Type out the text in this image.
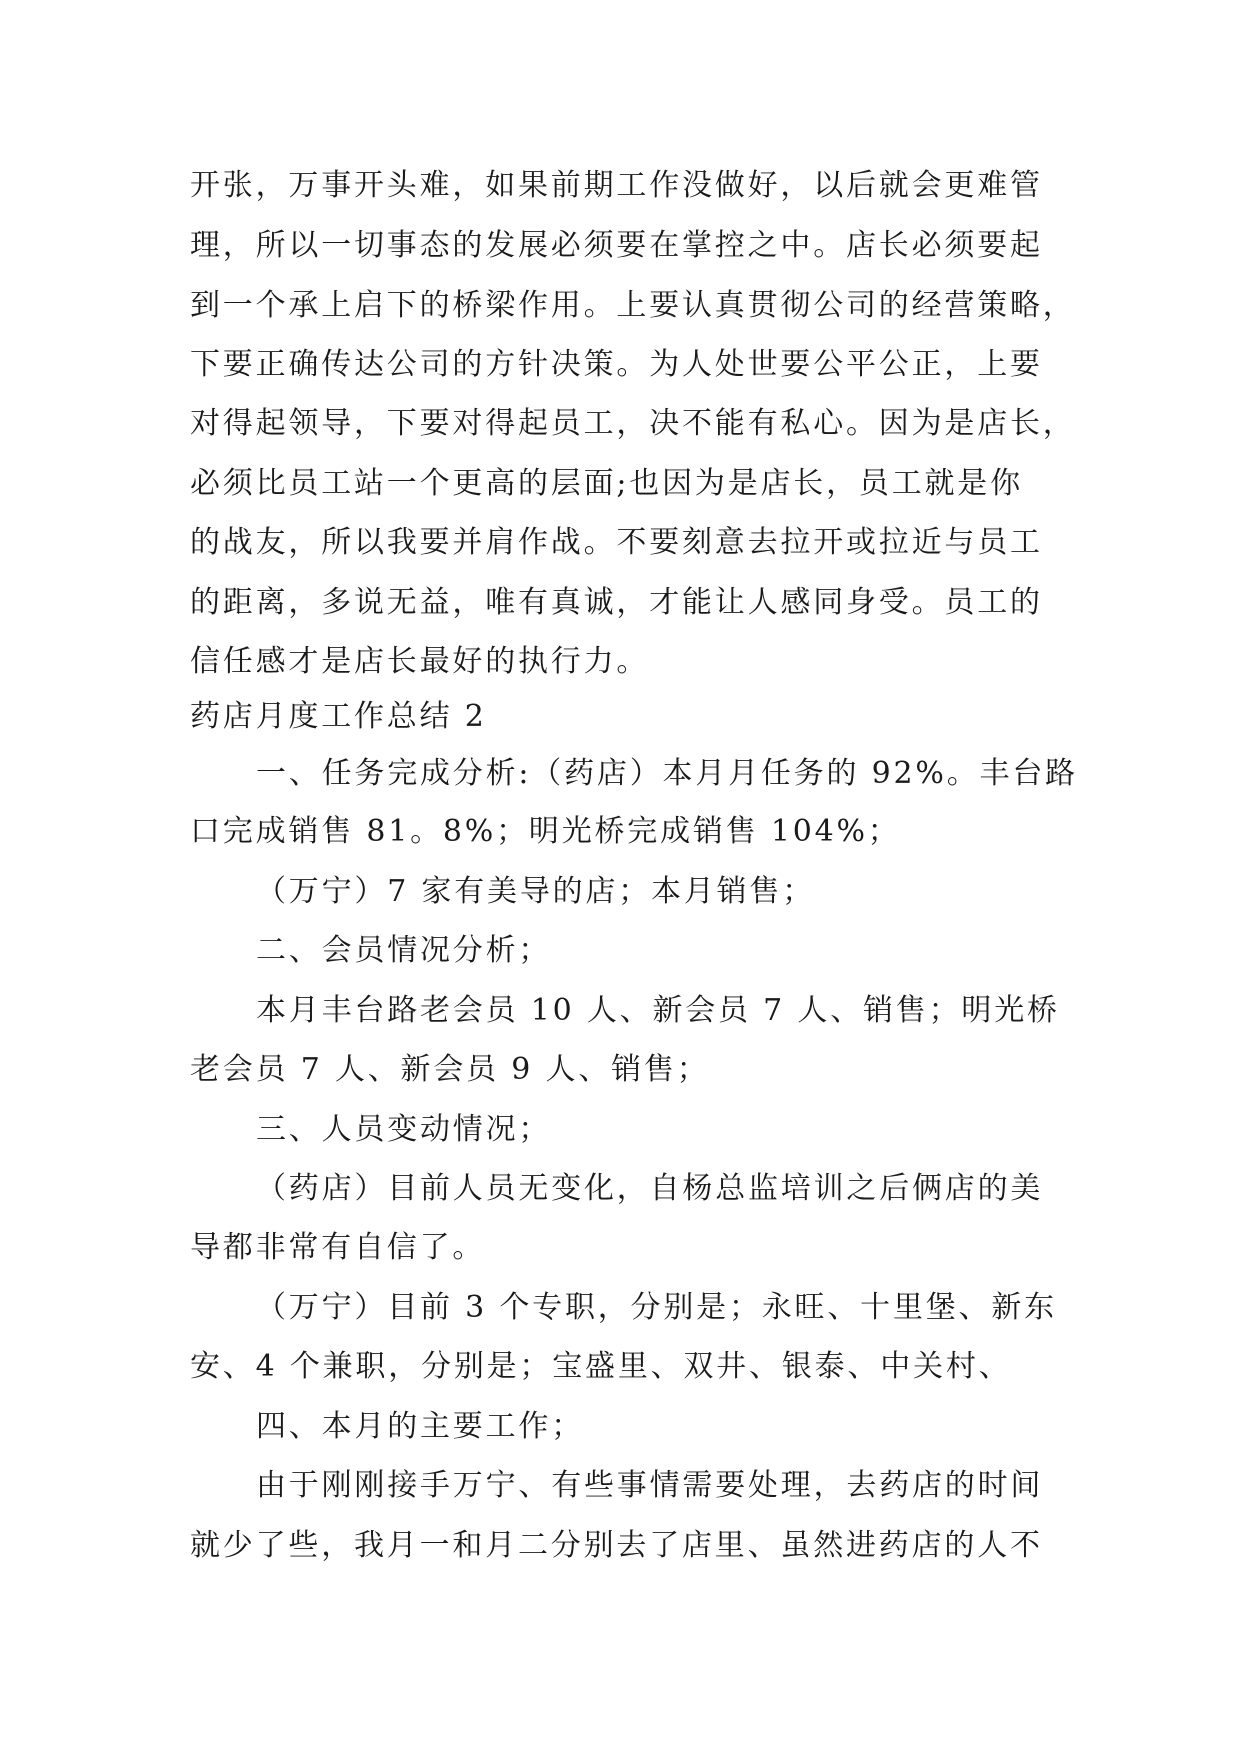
开张，万事开头难，如果前期工作没做好，以后就会更难管
理，所以一切事态的发展必须要在掌控之中。店长必须要起
到一个承上启下的桥梁作用。上要认真贯彻公司的经营策略，
下要正确传达公司的方针决策。为人处世要公平公正，上要
对得起领导，下要对得起员工，决不能有私心。因为是店长，
必须比员工站一个更高的层面;也因为是店长，员工就是你
的战友，所以我要并肩作战。不要刻意去拉开或拉近与员工
的距离，多说无益，唯有真诚，才能让人感同身受。员工的
信任感才是店长最好的执行力。
药店月度工作总结 2
一、任务完成分析:（药店）本月月任务的 92%。丰台路
口完成销售 81。8%；明光桥完成销售 104%；
（万宁）7 家有美导的店；本月销售；
二、会员情况分析；
本月丰台路老会员 10 人、新会员 7 人、销售；明光桥
老会员 7 人、新会员 9 人、销售；
三、人员变动情况；
（药店）目前人员无变化，自杨总监培训之后俩店的美
导都非常有自信了。
（万宁）目前 3 个专职，分别是；永旺、十里堡、新东
安、4 个兼职，分别是；宝盛里、双井、银泰、中关村、
四、本月的主要工作；
由于刚刚接手万宁、有些事情需要处理，去药店的时间
就少了些，我月一和月二分别去了店里、虽然进药店的人不
